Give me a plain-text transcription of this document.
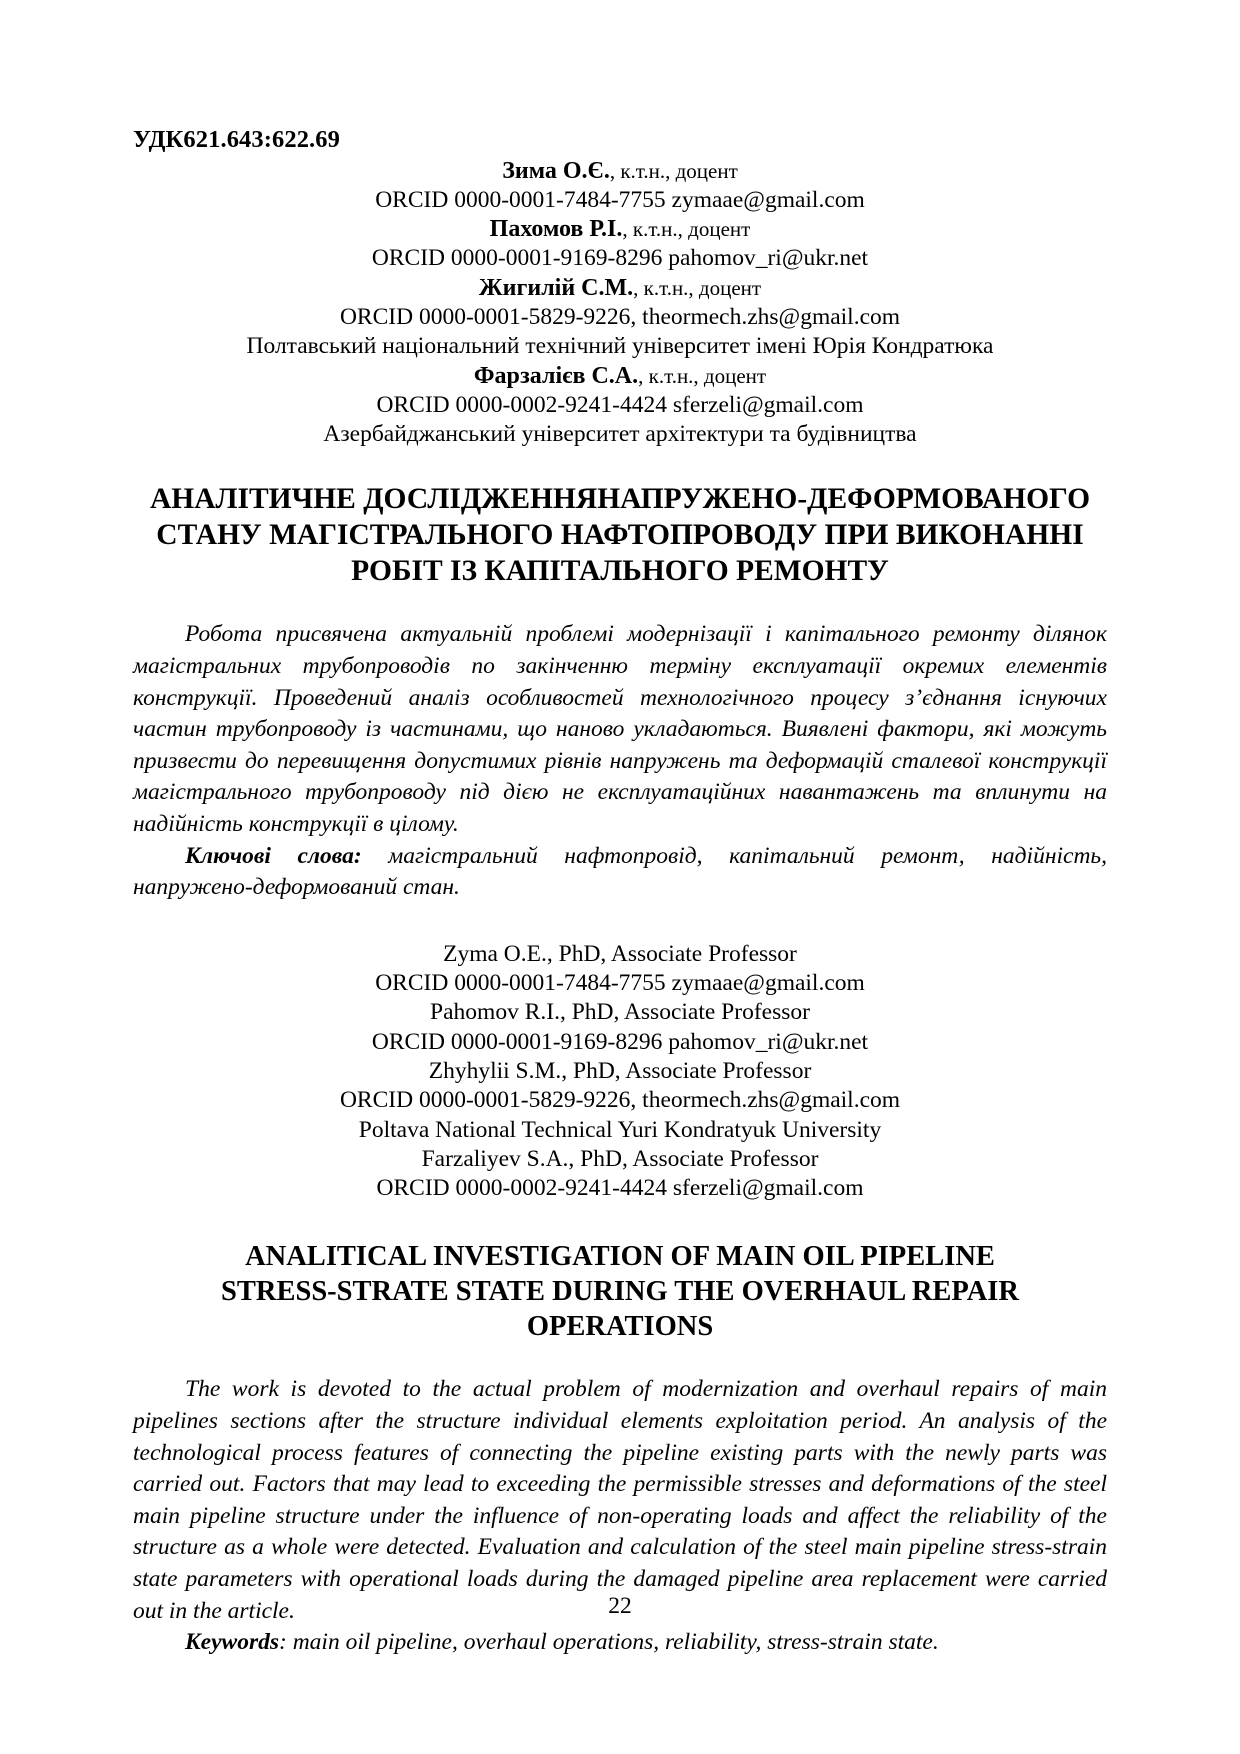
УДК621.643:622.69
Зима О.Є., к.т.н., доцент
ORCID 0000-0001-7484-7755 zymaae@gmail.com
Пахомов Р.І., к.т.н., доцент
ORCID 0000-0001-9169-8296 pahomov_ri@ukr.net
Жигилій С.М., к.т.н., доцент
ORCID 0000-0001-5829-9226, theormech.zhs@gmail.com
Полтавський національний технічний університет імені Юрія Кондратюка
Фарзалієв С.А., к.т.н., доцент
ORCID 0000-0002-9241-4424 sferzeli@gmail.com
Азербайджанський університет архітектури та будівництва
АНАЛІТИЧНЕ ДОСЛІДЖЕННЯНАПРУЖЕНО-ДЕФОРМОВАНОГО
СТАНУ МАГІСТРАЛЬНОГО НАФТОПРОВОДУ ПРИ ВИКОНАННІ
РОБІТ ІЗ КАПІТАЛЬНОГО РЕМОНТУ

Робота присвячена актуальній проблемі модернізації і капітального ремонту ділянок магістральних трубопроводів по закінченню терміну експлуатації окремих елементів конструкції. Проведений аналіз особливостей технологічного процесу з’єднання існуючих частин трубопроводу із частинами, що наново укладаються. Виявлені фактори, які можуть призвести до перевищення допустимих рівнів напружень та деформацій сталевої конструкції магістрального трубопроводу під дією не експлуатаційних навантажень та вплинути на надійність конструкції в цілому.

Ключові слова: магістральний нафтопровід, капітальний ремонт, надійність, напружено-деформований стан.

Zyma O.E., PhD, Associate Professor
ORCID 0000-0001-7484-7755 zymaae@gmail.com
Pahomov R.I., PhD, Associate Professor
ORCID 0000-0001-9169-8296 pahomov_ri@ukr.net
Zhyhylii S.M., PhD, Associate Professor
ORCID 0000-0001-5829-9226, theormech.zhs@gmail.com
Poltava National Technical Yuri Kondratyuk University
Farzaliyev S.A., PhD, Associate Professor
ORCID 0000-0002-9241-4424 sferzeli@gmail.com
ANALITICAL INVESTIGATION OF MAIN OIL PIPELINE
STRESS-STRATE STATE DURING THE OVERHAUL REPAIR
OPERATIONS

The work is devoted to the actual problem of modernization and overhaul repairs of main pipelines sections after the structure individual elements exploitation period. An analysis of the technological process features of connecting the pipeline existing parts with the newly parts was carried out. Factors that may lead to exceeding the permissible stresses and deformations of the steel main pipeline structure under the influence of non-operating loads and affect the reliability of the structure as a whole were detected. Evaluation and calculation of the steel main pipeline stress-strain state parameters with operational loads during the damaged pipeline area replacement were carried out in the article.

Keywords: main oil pipeline, overhaul operations, reliability, stress-strain state.

22
